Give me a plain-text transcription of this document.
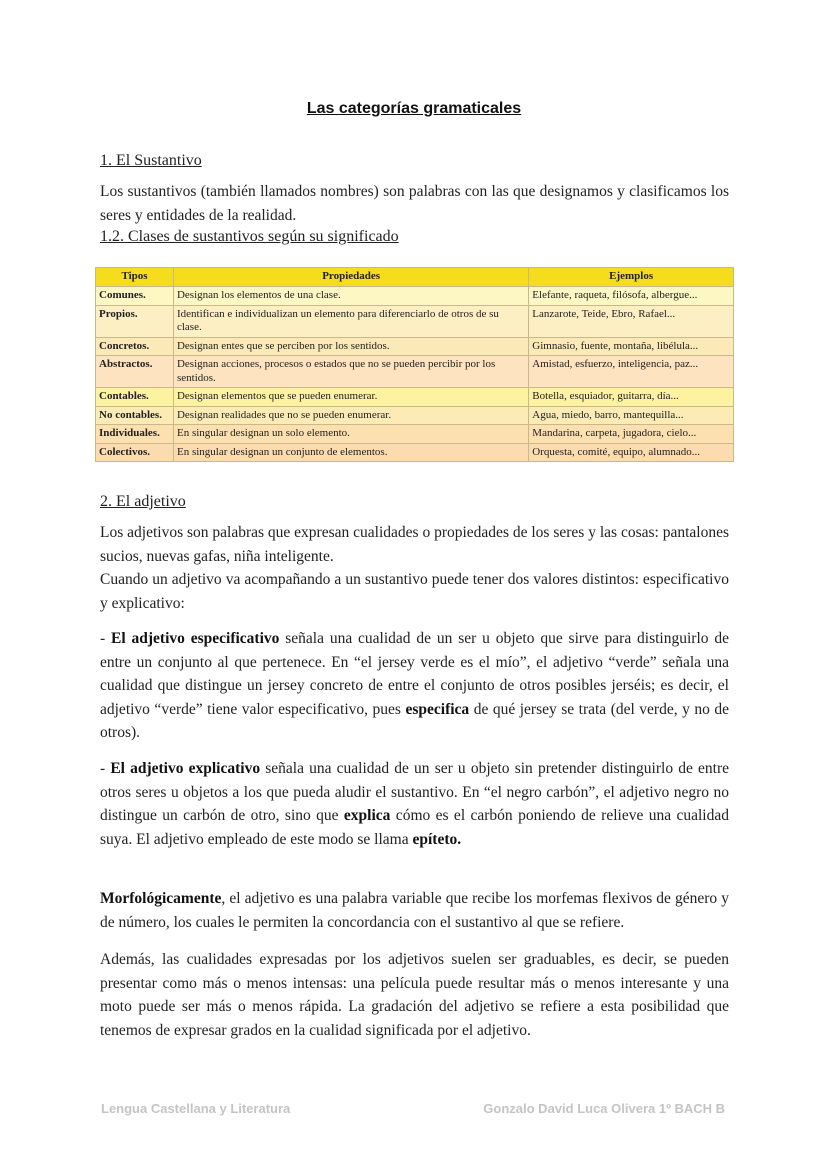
Las categorías gramaticales
1. El Sustantivo

Los sustantivos (también llamados nombres) son palabras con las que designamos y clasificamos los seres y entidades de la realidad.

1.2. Clases de sustantivos según su significado
Tipos	Propiedades	Ejemplos
Comunes.	Designan los elementos de una clase.	Elefante, raqueta, filósofa, albergue...
Propios.	Identifican e individualizan un elemento para diferenciarlo de otros de su clase.	Lanzarote, Teide, Ebro, Rafael...
Concretos.	Designan entes que se perciben por los sentidos.	Gimnasio, fuente, montaña, libélula...
Abstractos.	Designan acciones, procesos o estados que no se pueden percibir por los sentidos.	Amistad, esfuerzo, inteligencia, paz...
Contables.	Designan elementos que se pueden enumerar.	Botella, esquiador, guitarra, día...
No contables.	Designan realidades que no se pueden enumerar.	Agua, miedo, barro, mantequilla...
Individuales.	En singular designan un solo elemento.	Mandarina, carpeta, jugadora, cielo...
Colectivos.	En singular designan un conjunto de elementos.	Orquesta, comité, equipo, alumnado...
2. El adjetivo

Los adjetivos son palabras que expresan cualidades o propiedades de los seres y las cosas: pantalones sucios, nuevas gafas, niña inteligente.

Cuando un adjetivo va acompañando a un sustantivo puede tener dos valores distintos: especificativo y explicativo:

- El adjetivo especificativo señala una cualidad de un ser u objeto que sirve para distinguirlo de entre un conjunto al que pertenece. En “el jersey verde es el mío”, el adjetivo “verde” señala una cualidad que distingue un jersey concreto de entre el conjunto de otros posibles jerséis; es decir, el adjetivo “verde” tiene valor especificativo, pues especifica de qué jersey se trata (del verde, y no de otros).

- El adjetivo explicativo señala una cualidad de un ser u objeto sin pretender distinguirlo de entre otros seres u objetos a los que pueda aludir el sustantivo. En “el negro carbón”, el adjetivo negro no distingue un carbón de otro, sino que explica cómo es el carbón poniendo de relieve una cualidad suya. El adjetivo empleado de este modo se llama epíteto.

Morfológicamente, el adjetivo es una palabra variable que recibe los morfemas flexivos de género y de número, los cuales le permiten la concordancia con el sustantivo al que se refiere.

Además, las cualidades expresadas por los adjetivos suelen ser graduables, es decir, se pueden presentar como más o menos intensas: una película puede resultar más o menos interesante y una moto puede ser más o menos rápida. La gradación del adjetivo se refiere a esta posibilidad que tenemos de expresar grados en la cualidad significada por el adjetivo.

Lengua Castellana y Literatura	Gonzalo David Luca Olivera 1º BACH B
